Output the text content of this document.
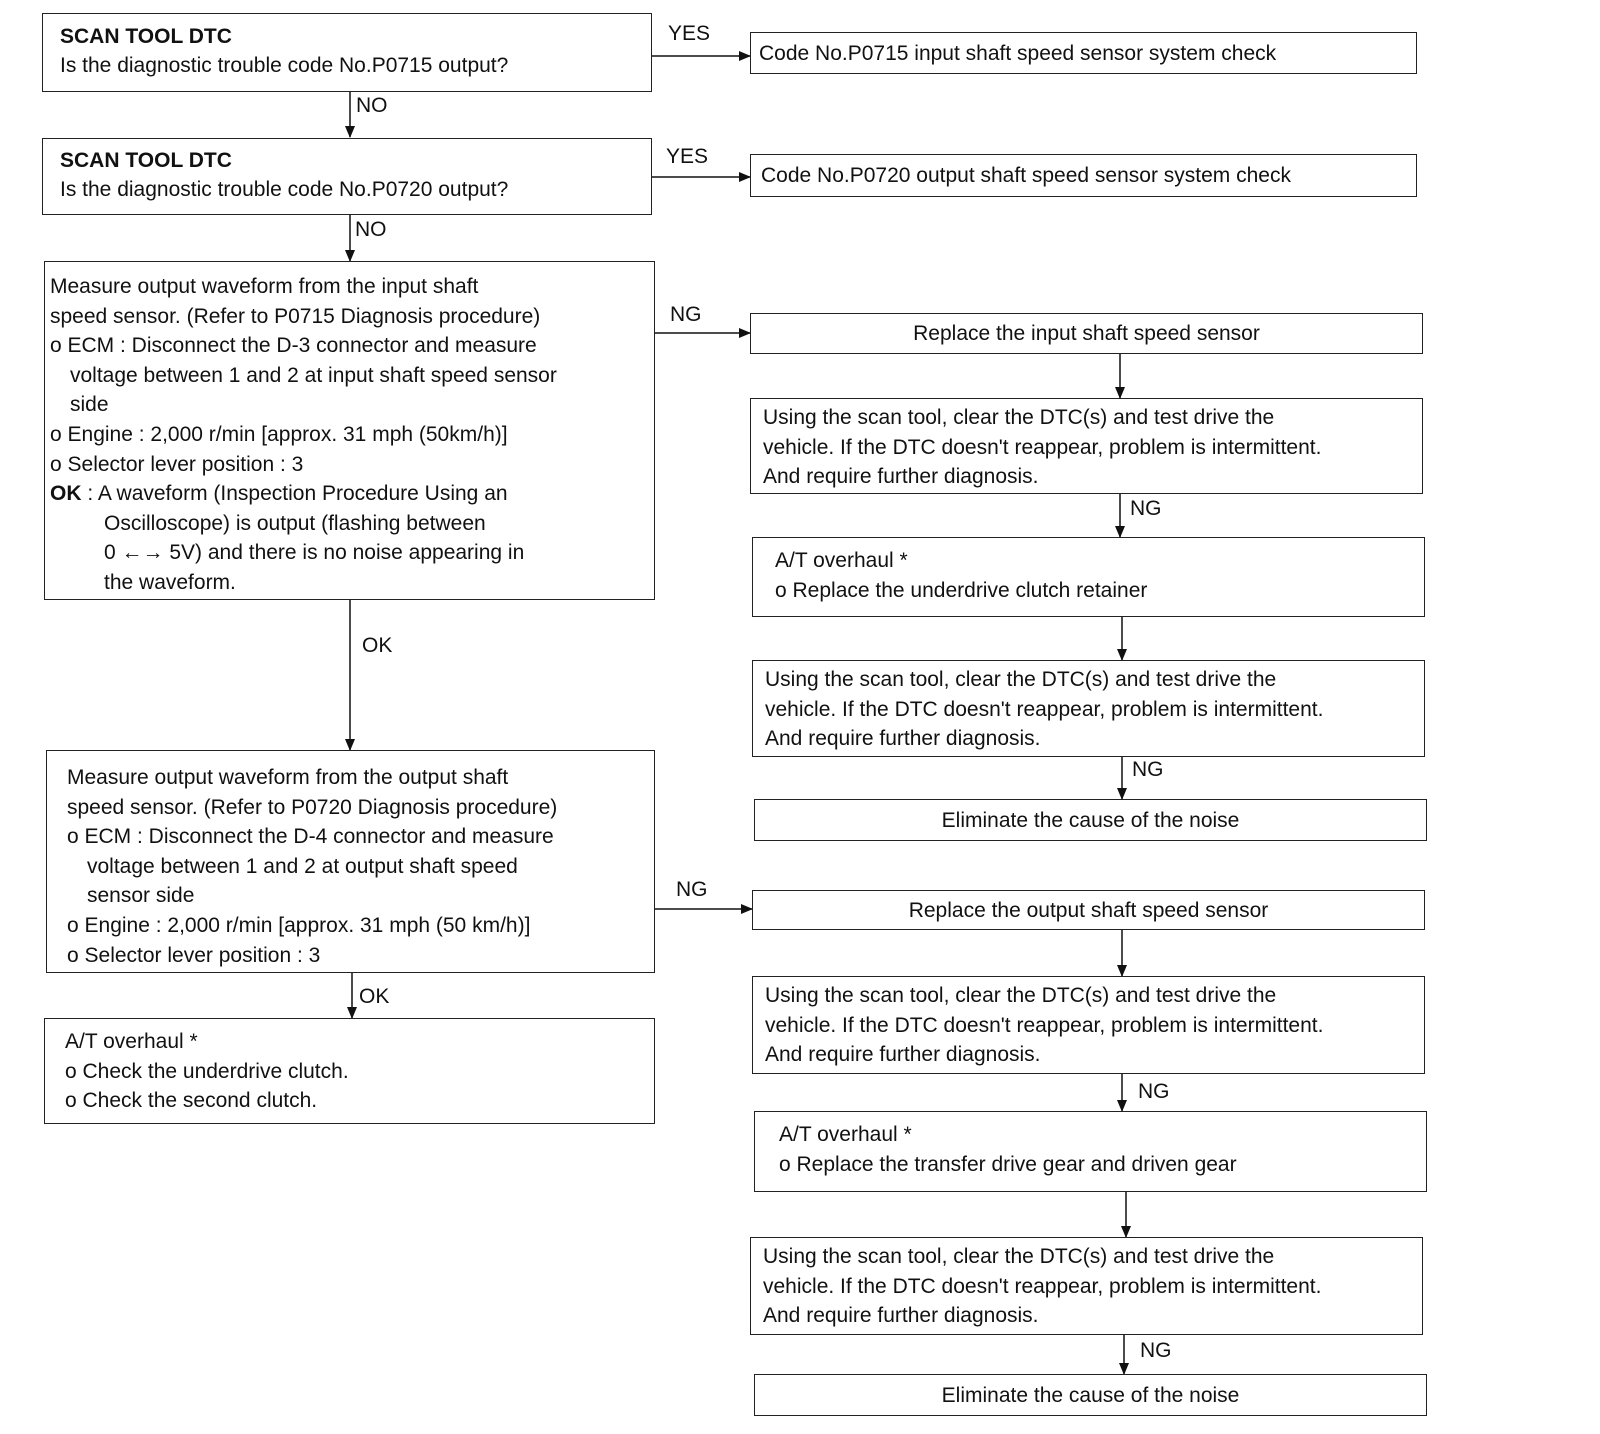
SCAN TOOL DTC
Is the diagnostic trouble code No.P0715 output?
Code No.P0715 input shaft speed sensor system check
SCAN TOOL DTC
Is the diagnostic trouble code No.P0720 output?
Code No.P0720 output shaft speed sensor system check
Measure output waveform from the input shaft
speed sensor. (Refer to P0715 Diagnosis procedure)
o ECM : Disconnect the D-3 connector and measure
voltage between 1 and 2 at input shaft speed sensor
side
o Engine : 2,000 r/min [approx. 31 mph (50km/h)]
o Selector lever position : 3
OK : A waveform (Inspection Procedure Using an
Oscilloscope) is output (flashing between
0 ←→ 5V) and there is no noise appearing in
the waveform.
Replace the input shaft speed sensor
Using the scan tool, clear the DTC(s) and test drive the
vehicle. If the DTC doesn't reappear, problem is intermittent.
And require further diagnosis.
A/T overhaul *
o Replace the underdrive clutch retainer
Using the scan tool, clear the DTC(s) and test drive the
vehicle. If the DTC doesn't reappear, problem is intermittent.
And require further diagnosis.
Eliminate the cause of the noise
Measure output waveform from the output shaft
speed sensor. (Refer to P0720 Diagnosis procedure)
o ECM : Disconnect the D-4 connector and measure
voltage between 1 and 2 at output shaft speed
sensor side
o Engine : 2,000 r/min [approx. 31 mph (50 km/h)]
o Selector lever position : 3
A/T overhaul *
o Check the underdrive clutch.
o Check the second clutch.
Replace the output shaft speed sensor
Using the scan tool, clear the DTC(s) and test drive the
vehicle. If the DTC doesn't reappear, problem is intermittent.
And require further diagnosis.
A/T overhaul *
o Replace the transfer drive gear and driven gear
Using the scan tool, clear the DTC(s) and test drive the
vehicle. If the DTC doesn't reappear, problem is intermittent.
And require further diagnosis.
Eliminate the cause of the noise
YES
NO
YES
NO
NG
NG
NG
OK
NG
OK
NG
NG
